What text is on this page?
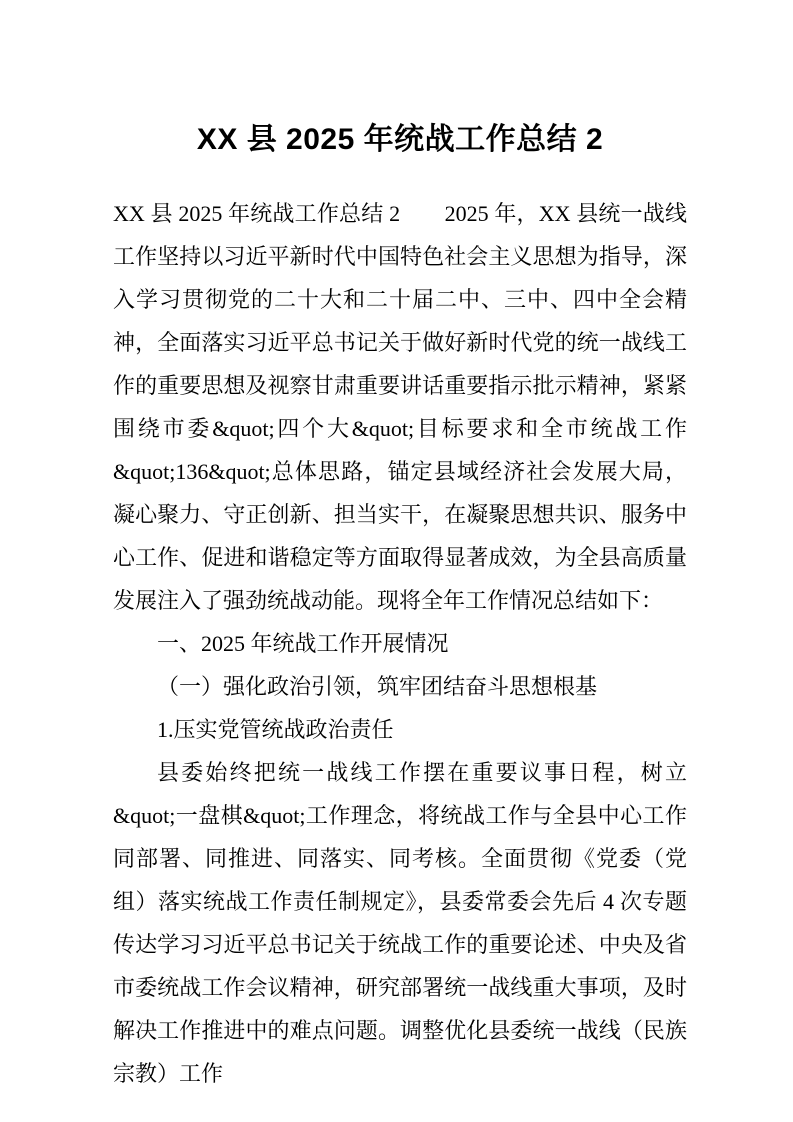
XX 县 2025 年统战工作总结 2

XX 县 2025 年统战工作总结 2　　2025 年，XX 县统一战线工作坚持以习近平新时代中国特色社会主义思想为指导，深入学习贯彻党的二十大和二十届二中、三中、四中全会精神，全面落实习近平总书记关于做好新时代党的统一战线工作的重要思想及视察甘肃重要讲话重要指示批示精神，紧紧围绕市委&quot;四个大&quot;目标要求和全市统战工作&quot;136&quot;总体思路，锚定县域经济社会发展大局，凝心聚力、守正创新、担当实干，在凝聚思想共识、服务中心工作、促进和谐稳定等方面取得显著成效，为全县高质量发展注入了强劲统战动能。现将全年工作情况总结如下：

一、2025 年统战工作开展情况

（一）强化政治引领，筑牢团结奋斗思想根基

1.压实党管统战政治责任

县委始终把统一战线工作摆在重要议事日程，树立&quot;一盘棋&quot;工作理念，将统战工作与全县中心工作同部署、同推进、同落实、同考核。全面贯彻《党委（党组）落实统战工作责任制规定》，县委常委会先后 4 次专题传达学习习近平总书记关于统战工作的重要论述、中央及省市委统战工作会议精神，研究部署统一战线重大事项，及时解决工作推进中的难点问题。调整优化县委统一战线（民族宗教）工作
